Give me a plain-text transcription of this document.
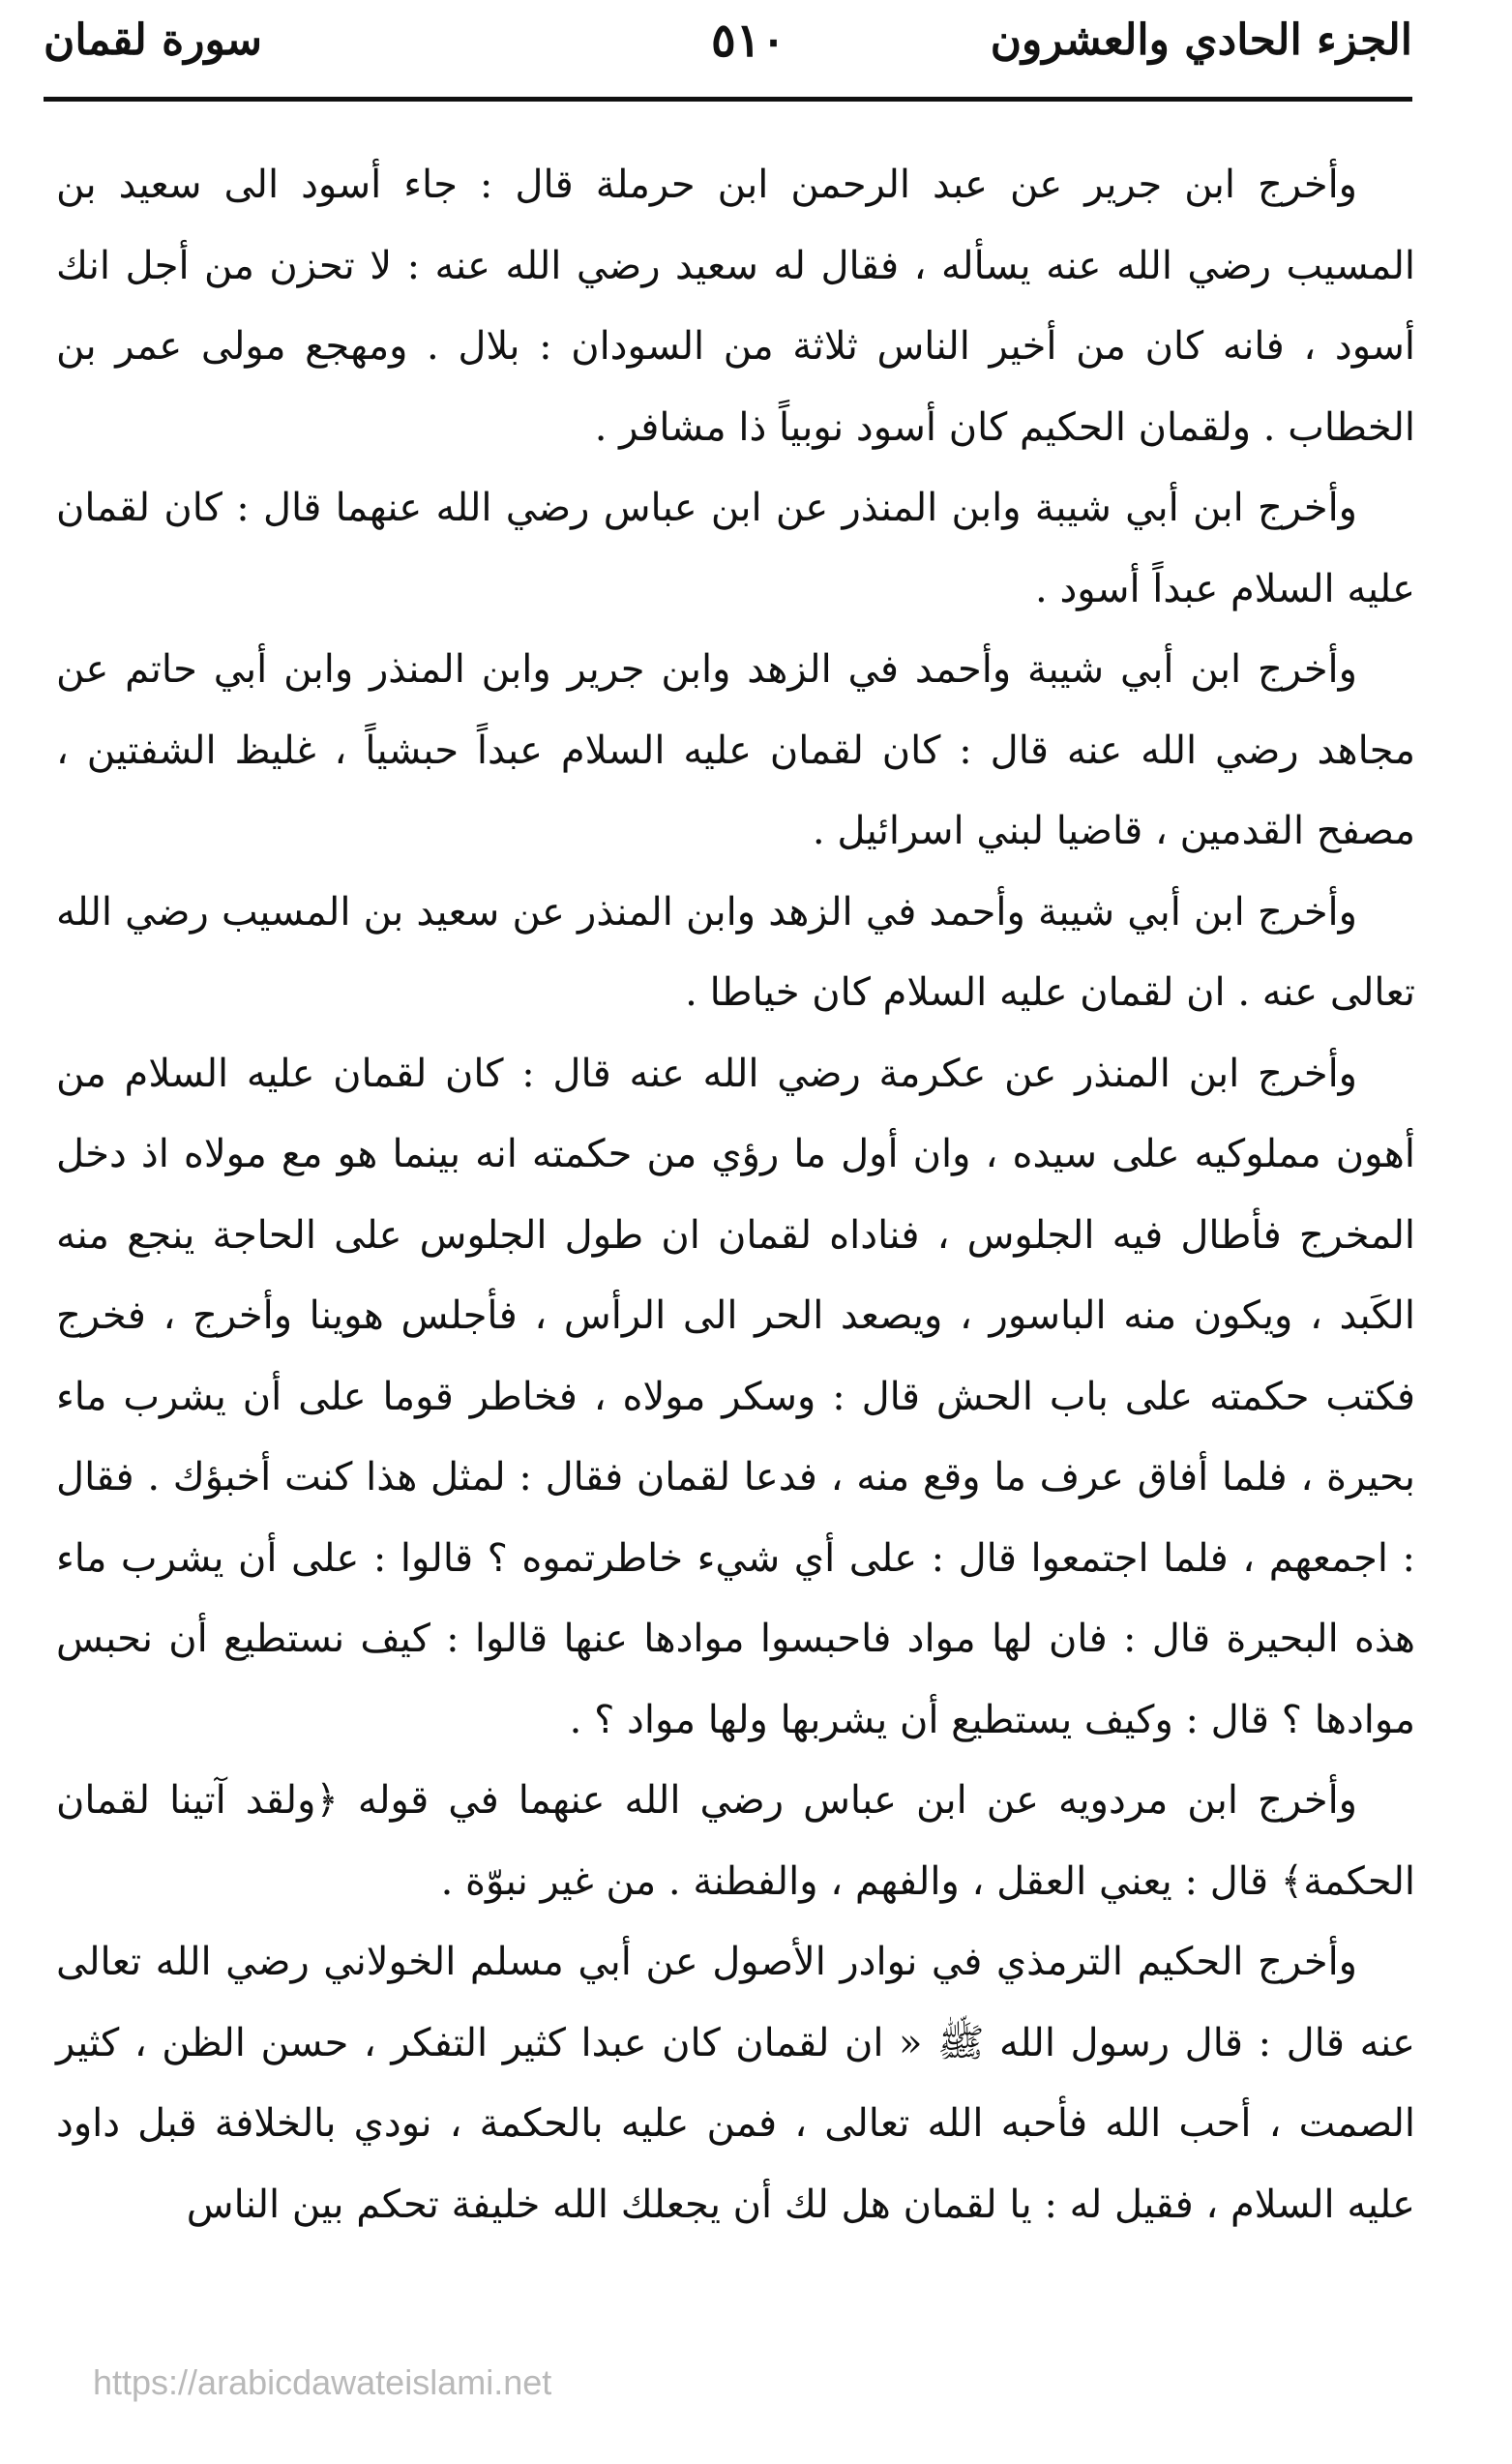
الجزء الحادي والعشرون
٥١٠
سورة لقمان

وأخرج ابن جرير عن عبد الرحمن ابن حرملة قال : جاء أسود الى سعيد بن المسيب رضي الله عنه يسأله ، فقال له سعيد رضي الله عنه : لا تحزن من أجل انك أسود ، فانه كان من أخير الناس ثلاثة من السودان : بلال . ومهجع مولى عمر بن الخطاب . ولقمان الحكيم كان أسود نوبياً ذا مشافر .

وأخرج ابن أبي شيبة وابن المنذر عن ابن عباس رضي الله عنهما قال : كان لقمان عليه السلام عبداً أسود .

وأخرج ابن أبي شيبة وأحمد في الزهد وابن جرير وابن المنذر وابن أبي حاتم عن مجاهد رضي الله عنه قال : كان لقمان عليه السلام عبداً حبشياً ، غليظ الشفتين ، مصفح القدمين ، قاضيا لبني اسرائيل .

وأخرج ابن أبي شيبة وأحمد في الزهد وابن المنذر عن سعيد بن المسيب رضي الله تعالى عنه . ان لقمان عليه السلام كان خياطا .

وأخرج ابن المنذر عن عكرمة رضي الله عنه قال : كان لقمان عليه السلام من أهون مملوكيه على سيده ، وان أول ما رؤي من حكمته انه بينما هو مع مولاه اذ دخل المخرج فأطال فيه الجلوس ، فناداه لقمان ان طول الجلوس على الحاجة ينجع منه الكَبد ، ويكون منه الباسور ، ويصعد الحر الى الرأس ، فأجلس هوينا وأخرج ، فخرج فكتب حكمته على باب الحش قال : وسكر مولاه ، فخاطر قوما على أن يشرب ماء بحيرة ، فلما أفاق عرف ما وقع منه ، فدعا لقمان فقال : لمثل هذا كنت أخبؤك . فقال : اجمعهم ، فلما اجتمعوا قال : على أي شيء خاطرتموه ؟ قالوا : على أن يشرب ماء هذه البحيرة قال : فان لها مواد فاحبسوا موادها عنها قالوا : كيف نستطيع أن نحبس موادها ؟ قال : وكيف يستطيع أن يشربها ولها مواد ؟ .

وأخرج ابن مردويه عن ابن عباس رضي الله عنهما في قوله ﴿ولقد آتينا لقمان الحكمة﴾ قال : يعني العقل ، والفهم ، والفطنة . من غير نبوّة .

وأخرج الحكيم الترمذي في نوادر الأصول عن أبي مسلم الخولاني رضي الله تعالى عنه قال : قال رسول الله ﷺ « ان لقمان كان عبدا كثير التفكر ، حسن الظن ، كثير الصمت ، أحب الله فأحبه الله تعالى ، فمن عليه بالحكمة ، نودي بالخلافة قبل داود عليه السلام ، فقيل له : يا لقمان هل لك أن يجعلك الله خليفة تحكم بين الناس

https://arabicdawateislami.net
